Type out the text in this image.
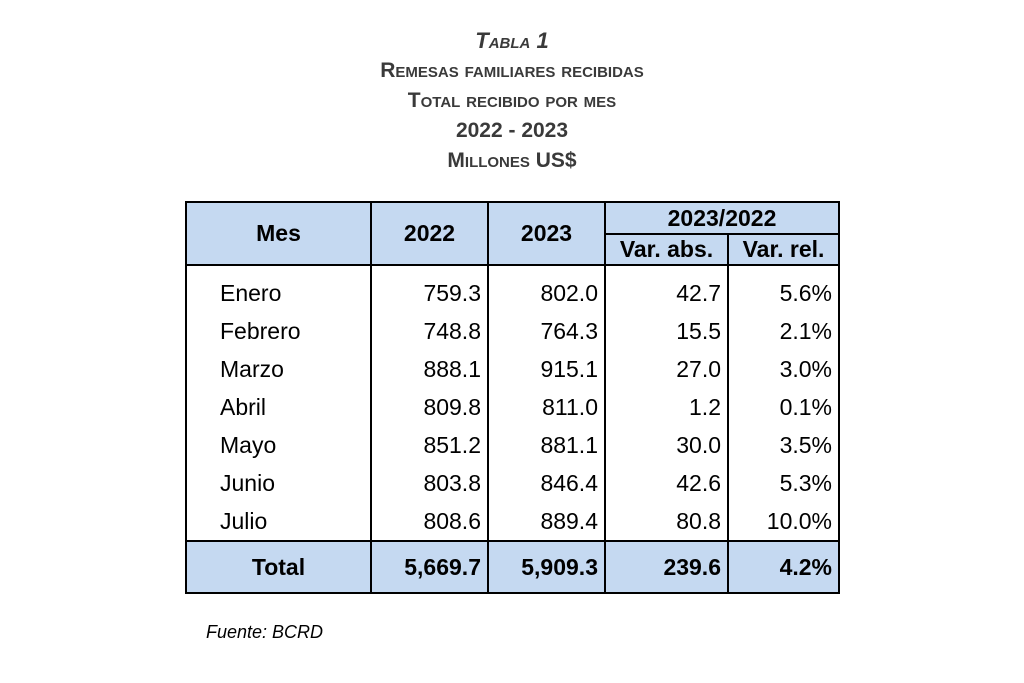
Tabla 1
Remesas familiares recibidas
Total recibido por mes
2022 - 2023
Millones US$
Mes	2022	2023	2023/2022	
			Var. abs.	Var. rel.
Enero	759.3	802.0	42.7	5.6%
Febrero	748.8	764.3	15.5	2.1%
Marzo	888.1	915.1	27.0	3.0%
Abril	809.8	811.0	1.2	0.1%
Mayo	851.2	881.1	30.0	3.5%
Junio	803.8	846.4	42.6	5.3%
Julio	808.6	889.4	80.8	10.0%
Total	5,669.7	5,909.3	239.6	4.2%
Fuente: BCRD
